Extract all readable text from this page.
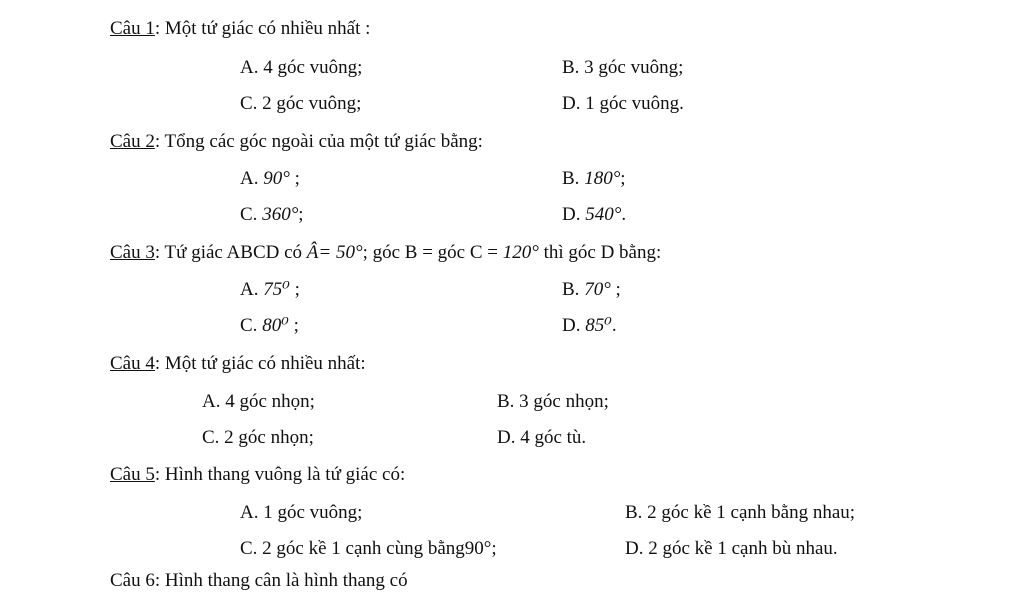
Câu 1: Một tứ giác có nhiều nhất :
A. 4 góc vuông;	B. 3 góc vuông;
C. 2 góc vuông;	D. 1 góc vuông.
Câu 2: Tổng các góc ngoài của một tứ giác bằng:
A. 90° ;	B. 180°;
C. 360°;	D. 540°.
Câu 3: Tứ giác ABCD có Â= 50°; góc B = góc C = 120° thì góc D bằng:
A. 75⁰ ;	B. 70° ;
C. 80⁰ ;	D. 85⁰.
Câu 4: Một tứ giác có nhiều nhất:
A. 4 góc nhọn;	B. 3 góc nhọn;
C. 2 góc nhọn;	D. 4 góc tù.
Câu 5: Hình thang vuông là tứ giác có:
A. 1 góc vuông;	B. 2 góc kề 1 cạnh bằng nhau;
C. 2 góc kề 1 cạnh cùng bằng90°;	D. 2 góc kề 1 cạnh bù nhau.
Câu 6: Hình thang cân là hình thang có
